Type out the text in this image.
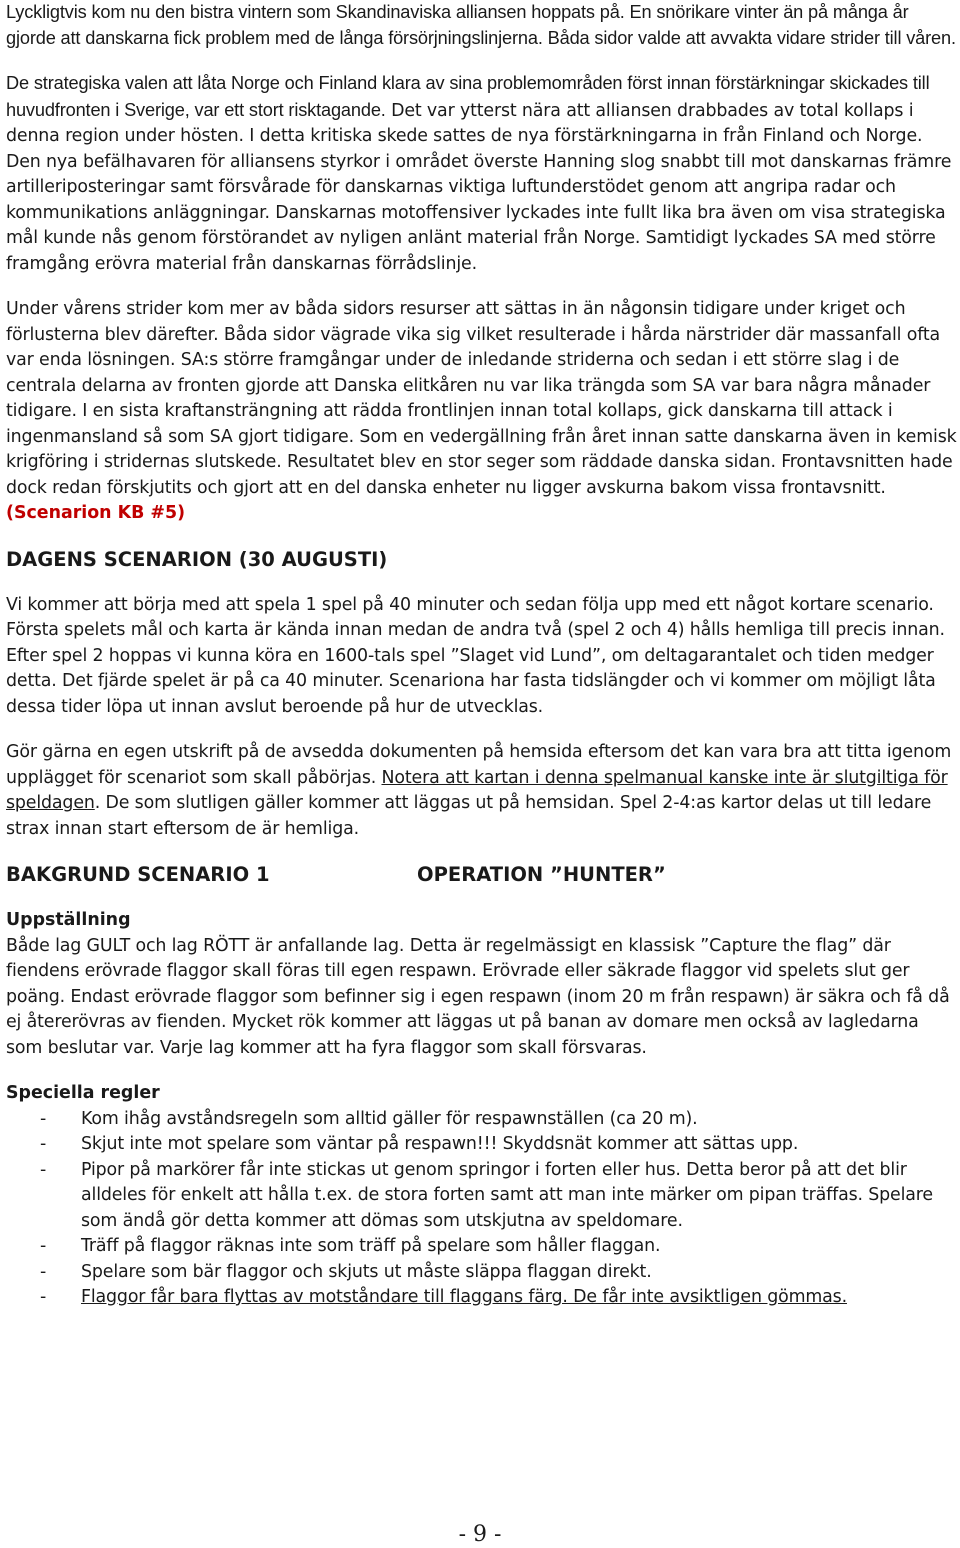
Lyckligtvis kom nu den bistra vintern som Skandinaviska alliansen hoppats på. En snörikare vinter än på många år gjorde att danskarna fick problem med de långa försörjningslinjerna. Båda sidor valde att avvakta vidare strider till våren.

De strategiska valen att låta Norge och Finland klara av sina problemområden först innan förstärkningar skickades till huvudfronten i Sverige, var ett stort risktagande. Det var ytterst nära att alliansen drabbades av total kollaps i denna region under hösten. I detta kritiska skede sattes de nya förstärkningarna in från Finland och Norge. Den nya befälhavaren för alliansens styrkor i området överste Hanning slog snabbt till mot danskarnas främre artilleriposteringar samt försvårade för danskarnas viktiga luftunderstödet genom att angripa radar och kommunikations anläggningar. Danskarnas motoffensiver lyckades inte fullt lika bra även om visa strategiska mål kunde nås genom förstörandet av nyligen anlänt material från Norge. Samtidigt lyckades SA med större framgång erövra material från danskarnas förrådslinje.

Under vårens strider kom mer av båda sidors resurser att sättas in än någonsin tidigare under kriget och förlusterna blev därefter. Båda sidor vägrade vika sig vilket resulterade i hårda närstrider där massanfall ofta var enda lösningen. SA:s större framgångar under de inledande striderna och sedan i ett större slag i de centrala delarna av fronten gjorde att Danska elitkåren nu var lika trängda som SA var bara några månader tidigare. I en sista kraftansträngning att rädda frontlinjen innan total kollaps, gick danskarna till attack i ingenmansland så som SA gjort tidigare. Som en vedergällning från året innan satte danskarna även in kemisk krigföring i stridernas slutskede. Resultatet blev en stor seger som räddade danska sidan. Frontavsnitten hade dock redan förskjutits och gjort att en del danska enheter nu ligger avskurna bakom vissa frontavsnitt.

(Scenarion KB #5)

DAGENS SCENARION (30 AUGUSTI)

Vi kommer att börja med att spela 1 spel på 40 minuter och sedan följa upp med ett något kortare scenario. Första spelets mål och karta är kända innan medan de andra två (spel 2 och 4) hålls hemliga till precis innan. Efter spel 2 hoppas vi kunna köra en 1600-tals spel ”Slaget vid Lund”, om deltagarantalet och tiden medger detta. Det fjärde spelet är på ca 40 minuter. Scenariona har fasta tidslängder och vi kommer om möjligt låta dessa tider löpa ut innan avslut beroende på hur de utvecklas.

Gör gärna en egen utskrift på de avsedda dokumenten på hemsida eftersom det kan vara bra att titta igenom upplägget för scenariot som skall påbörjas. Notera att kartan i denna spelmanual kanske inte är slutgiltiga för speldagen. De som slutligen gäller kommer att läggas ut på hemsidan. Spel 2-4:as kartor delas ut till ledare strax innan start eftersom de är hemliga.

BAKGRUND SCENARIO 1	OPERATION ”HUNTER”

Uppställning

Både lag GULT och lag RÖTT är anfallande lag. Detta är regelmässigt en klassisk ”Capture the flag” där fiendens erövrade flaggor skall föras till egen respawn. Erövrade eller säkrade flaggor vid spelets slut ger poäng. Endast erövrade flaggor som befinner sig i egen respawn (inom 20 m från respawn) är säkra och få då ej återerövras av fienden. Mycket rök kommer att läggas ut på banan av domare men också av lagledarna som beslutar var. Varje lag kommer att ha fyra flaggor som skall försvaras.

Speciella regler

-	Kom ihåg avståndsregeln som alltid gäller för respawnställen (ca 20 m).
-	Skjut inte mot spelare som väntar på respawn!!! Skyddsnät kommer att sättas upp.
-	Pipor på markörer får inte stickas ut genom springor i forten eller hus. Detta beror på att det blir alldeles för enkelt att hålla t.ex. de stora forten samt att man inte märker om pipan träffas. Spelare som ändå gör detta kommer att dömas som utskjutna av speldomare.
-	Träff på flaggor räknas inte som träff på spelare som håller flaggan.
-	Spelare som bär flaggor och skjuts ut måste släppa flaggan direkt.
-	Flaggor får bara flyttas av motståndare till flaggans färg. De får inte avsiktligen gömmas.
- 9 -
